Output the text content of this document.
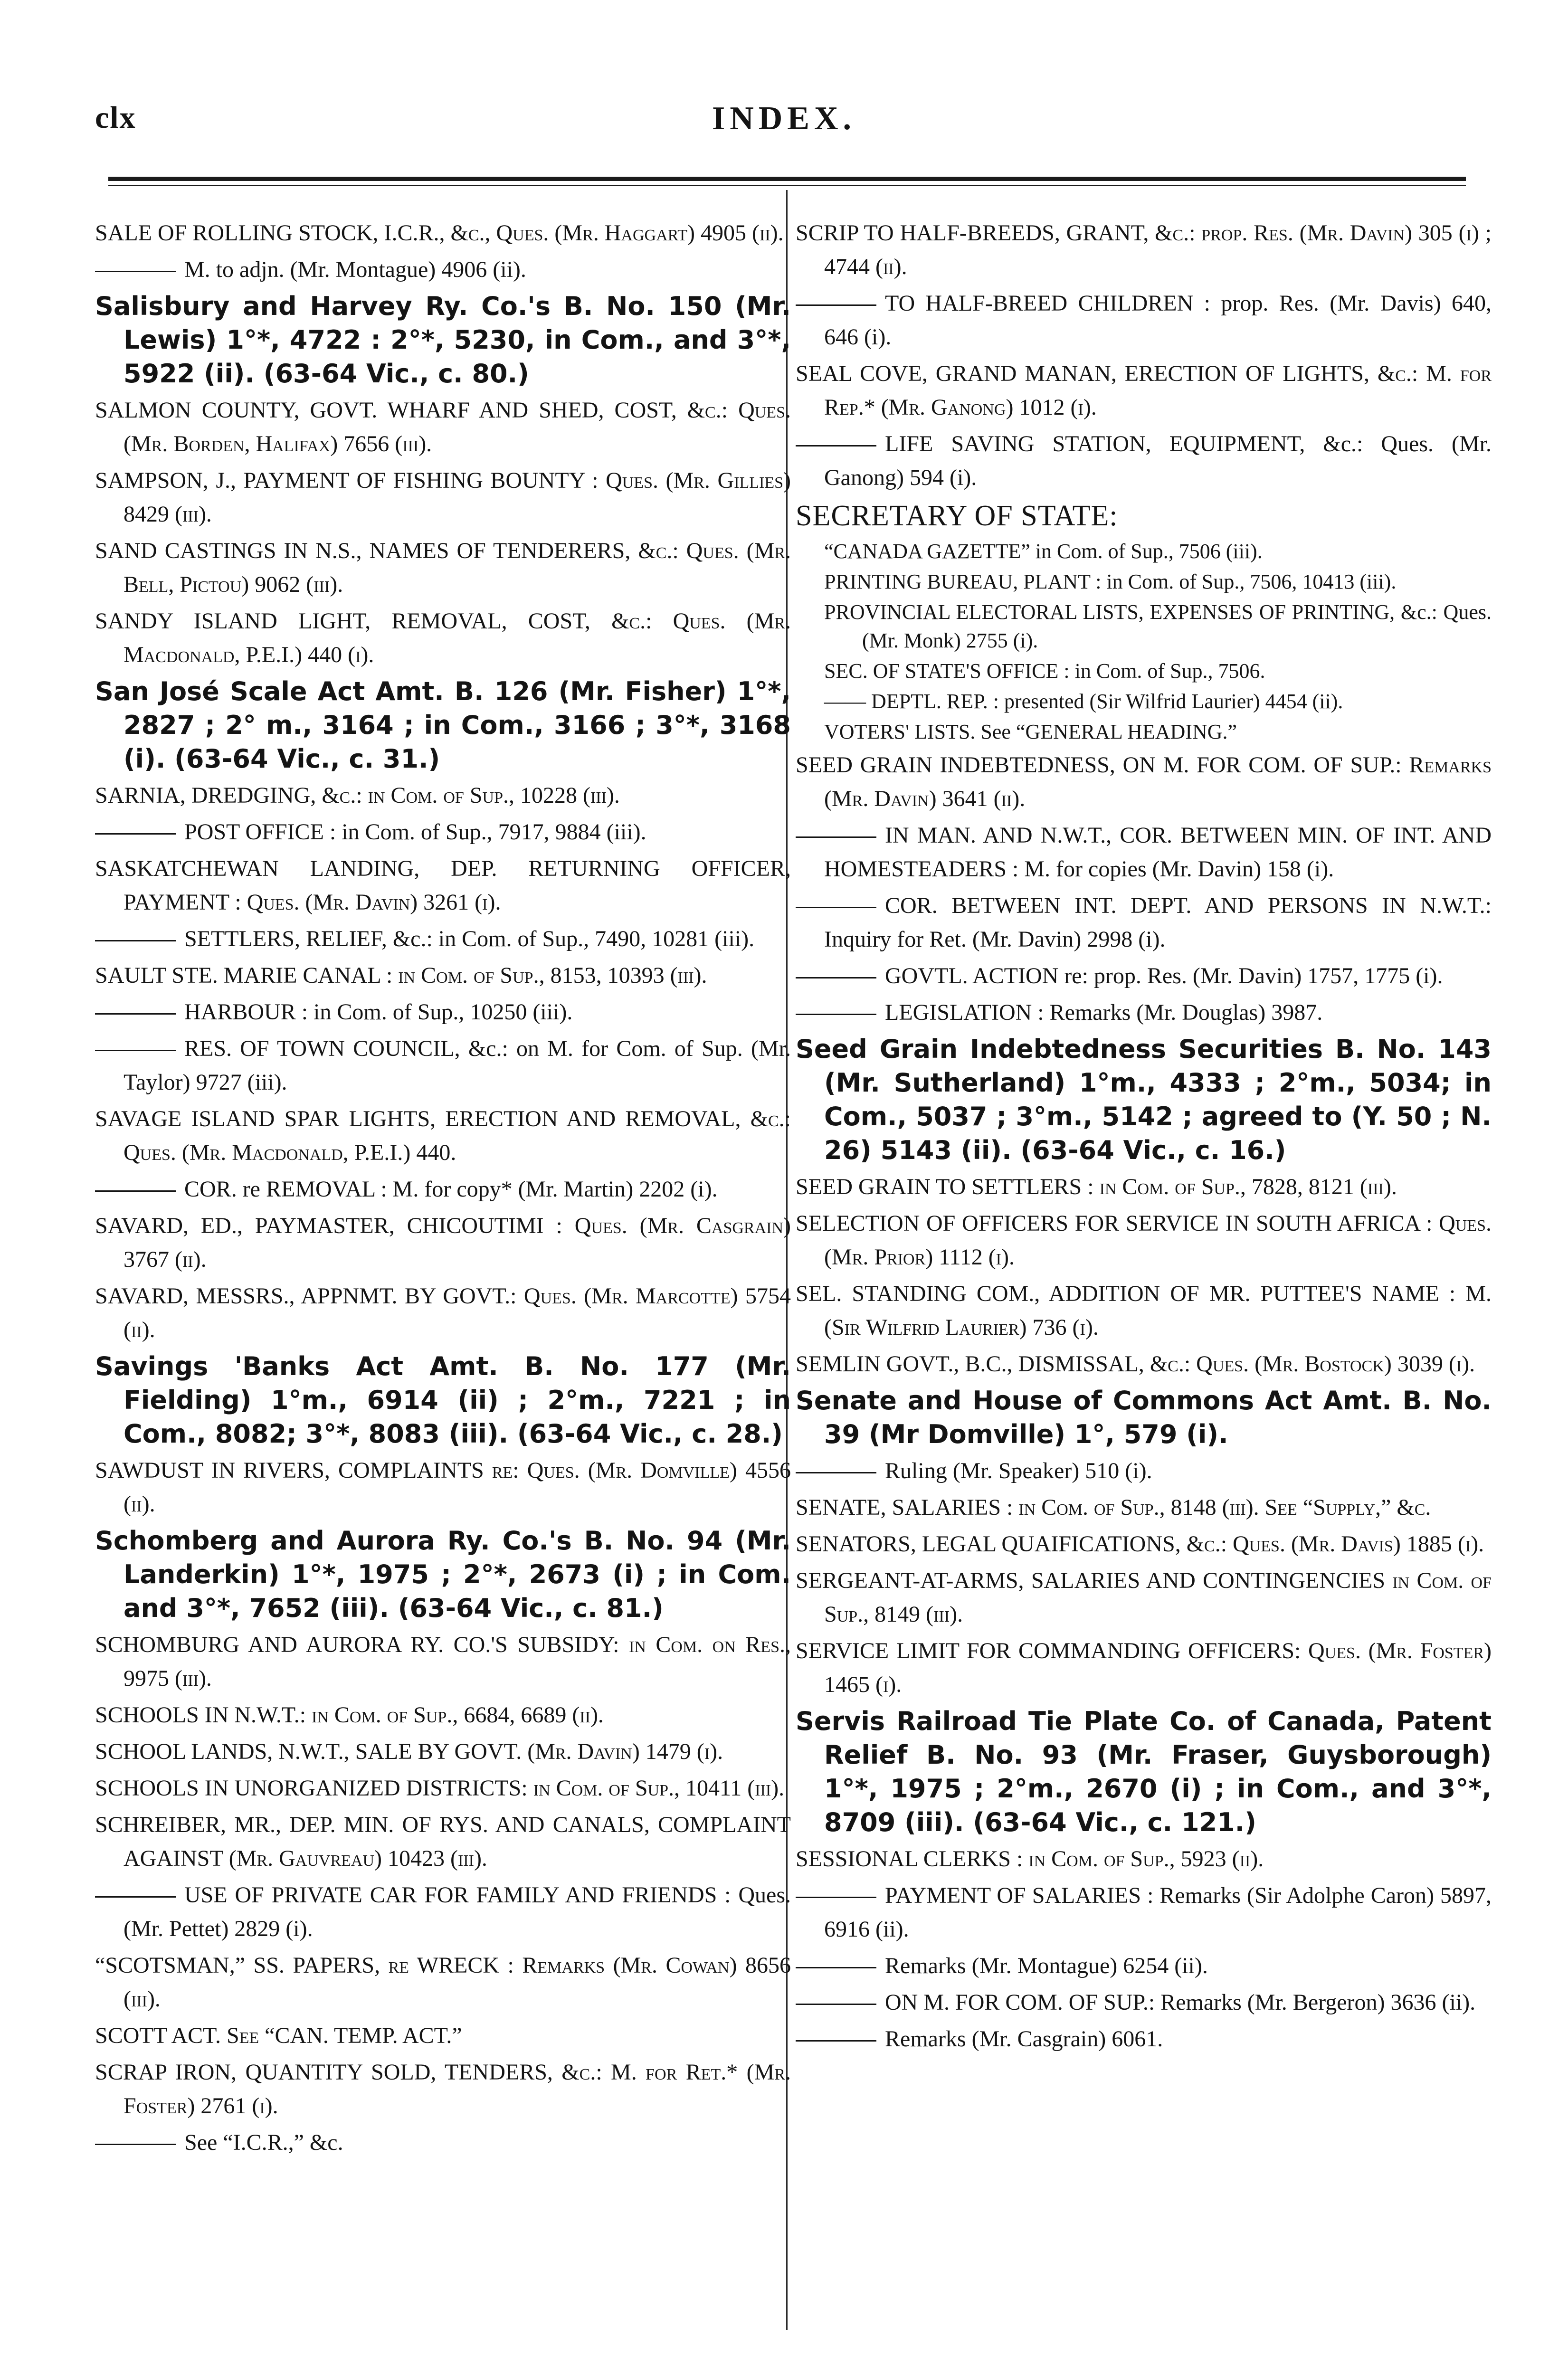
clx	INDEX.

SALE OF ROLLING STOCK, I.C.R., &c., Ques. (Mr. Haggart) 4905 (ii).

M. to adjn. (Mr. Montague) 4906 (ii).

Salisbury and Harvey Ry. Co.'s B. No. 150 (Mr. Lewis) 1°*, 4722 : 2°*, 5230, in Com., and 3°*, 5922 (ii). (63-64 Vic., c. 80.)

SALMON COUNTY, GOVT. WHARF AND SHED, COST, &c.: Ques. (Mr. Borden, Halifax) 7656 (iii).

SAMPSON, J., PAYMENT OF FISHING BOUNTY : Ques. (Mr. Gillies) 8429 (iii).

SAND CASTINGS IN N.S., NAMES OF TENDERERS, &c.: Ques. (Mr. Bell, Pictou) 9062 (iii).

SANDY ISLAND LIGHT, REMOVAL, COST, &c.: Ques. (Mr. Macdonald, P.E.I.) 440 (i).

San José Scale Act Amt. B. 126 (Mr. Fisher) 1°*, 2827 ; 2° m., 3164 ; in Com., 3166 ; 3°*, 3168 (i). (63-64 Vic., c. 31.)

SARNIA, DREDGING, &c.: in Com. of Sup., 10228 (iii).

POST OFFICE : in Com. of Sup., 7917, 9884 (iii).

SASKATCHEWAN LANDING, DEP. RETURNING OFFICER, PAYMENT : Ques. (Mr. Davin) 3261 (i).

SETTLERS, RELIEF, &c.: in Com. of Sup., 7490, 10281 (iii).

SAULT STE. MARIE CANAL : in Com. of Sup., 8153, 10393 (iii).

HARBOUR : in Com. of Sup., 10250 (iii).

RES. OF TOWN COUNCIL, &c.: on M. for Com. of Sup. (Mr. Taylor) 9727 (iii).

SAVAGE ISLAND SPAR LIGHTS, ERECTION AND REMOVAL, &c.: Ques. (Mr. Macdonald, P.E.I.) 440.

COR. re REMOVAL : M. for copy* (Mr. Martin) 2202 (i).

SAVARD, ED., PAYMASTER, CHICOUTIMI : Ques. (Mr. Casgrain) 3767 (ii).

SAVARD, MESSRS., APPNMT. BY GOVT.: Ques. (Mr. Marcotte) 5754 (ii).

Savings 'Banks Act Amt. B. No. 177 (Mr. Fielding) 1°m., 6914 (ii) ; 2°m., 7221 ; in Com., 8082; 3°*, 8083 (iii). (63-64 Vic., c. 28.)

SAWDUST IN RIVERS, COMPLAINTS re: Ques. (Mr. Domville) 4556 (ii).

Schomberg and Aurora Ry. Co.'s B. No. 94 (Mr. Landerkin) 1°*, 1975 ; 2°*, 2673 (i) ; in Com. and 3°*, 7652 (iii). (63-64 Vic., c. 81.)

SCHOMBURG AND AURORA RY. CO.'S SUBSIDY: in Com. on Res., 9975 (iii).

SCHOOLS IN N.W.T.: in Com. of Sup., 6684, 6689 (ii).

SCHOOL LANDS, N.W.T., SALE BY GOVT. (Mr. Davin) 1479 (i).

SCHOOLS IN UNORGANIZED DISTRICTS: in Com. of Sup., 10411 (iii).

SCHREIBER, MR., DEP. MIN. OF RYS. AND CANALS, COMPLAINT AGAINST (Mr. Gauvreau) 10423 (iii).

USE OF PRIVATE CAR FOR FAMILY AND FRIENDS : Ques. (Mr. Pettet) 2829 (i).

“SCOTSMAN,” SS. PAPERS, re WRECK : Remarks (Mr. Cowan) 8656 (iii).

SCOTT ACT. See “CAN. TEMP. ACT.”

SCRAP IRON, QUANTITY SOLD, TENDERS, &c.: M. for Ret.* (Mr. Foster) 2761 (i).

See “I.C.R.,” &c.

SCRIP TO HALF-BREEDS, GRANT, &c.: prop. Res. (Mr. Davin) 305 (i) ; 4744 (ii).

TO HALF-BREED CHILDREN : prop. Res. (Mr. Davis) 640, 646 (i).

SEAL COVE, GRAND MANAN, ERECTION OF LIGHTS, &c.: M. for Rep.* (Mr. Ganong) 1012 (i).

LIFE SAVING STATION, EQUIPMENT, &c.: Ques. (Mr. Ganong) 594 (i).

SECRETARY OF STATE:

“CANADA GAZETTE” in Com. of Sup., 7506 (iii).

PRINTING BUREAU, PLANT : in Com. of Sup., 7506, 10413 (iii).

PROVINCIAL ELECTORAL LISTS, EXPENSES OF PRINTING, &c.: Ques. (Mr. Monk) 2755 (i).

SEC. OF STATE'S OFFICE : in Com. of Sup., 7506.

—— DEPTL. REP. : presented (Sir Wilfrid Laurier) 4454 (ii).

VOTERS' LISTS. See “GENERAL HEADING.”

SEED GRAIN INDEBTEDNESS, ON M. FOR COM. OF SUP.: Remarks (Mr. Davin) 3641 (ii).

IN MAN. AND N.W.T., COR. BETWEEN MIN. OF INT. AND HOMESTEADERS : M. for copies (Mr. Davin) 158 (i).

COR. BETWEEN INT. DEPT. AND PERSONS IN N.W.T.: Inquiry for Ret. (Mr. Davin) 2998 (i).

GOVTL. ACTION re: prop. Res. (Mr. Davin) 1757, 1775 (i).

LEGISLATION : Remarks (Mr. Douglas) 3987.

Seed Grain Indebtedness Securities B. No. 143 (Mr. Sutherland) 1°m., 4333 ; 2°m., 5034; in Com., 5037 ; 3°m., 5142 ; agreed to (Y. 50 ; N. 26) 5143 (ii). (63-64 Vic., c. 16.)

SEED GRAIN TO SETTLERS : in Com. of Sup., 7828, 8121 (iii).

SELECTION OF OFFICERS FOR SERVICE IN SOUTH AFRICA : Ques. (Mr. Prior) 1112 (i).

SEL. STANDING COM., ADDITION OF MR. PUTTEE'S NAME : M. (Sir Wilfrid Laurier) 736 (i).

SEMLIN GOVT., B.C., DISMISSAL, &c.: Ques. (Mr. Bostock) 3039 (i).

Senate and House of Commons Act Amt. B. No. 39 (Mr Domville) 1°, 579 (i).

Ruling (Mr. Speaker) 510 (i).

SENATE, SALARIES : in Com. of Sup., 8148 (iii). See “Supply,” &c.

SENATORS, LEGAL QUAIFICATIONS, &c.: Ques. (Mr. Davis) 1885 (i).

SERGEANT-AT-ARMS, SALARIES AND CONTINGENCIES in Com. of Sup., 8149 (iii).

SERVICE LIMIT FOR COMMANDING OFFICERS: Ques. (Mr. Foster) 1465 (i).

Servis Railroad Tie Plate Co. of Canada, Patent Relief B. No. 93 (Mr. Fraser, Guysborough) 1°*, 1975 ; 2°m., 2670 (i) ; in Com., and 3°*, 8709 (iii). (63-64 Vic., c. 121.)

SESSIONAL CLERKS : in Com. of Sup., 5923 (ii).

PAYMENT OF SALARIES : Remarks (Sir Adolphe Caron) 5897, 6916 (ii).

Remarks (Mr. Montague) 6254 (ii).

ON M. FOR COM. OF SUP.: Remarks (Mr. Bergeron) 3636 (ii).

Remarks (Mr. Casgrain) 6061.
